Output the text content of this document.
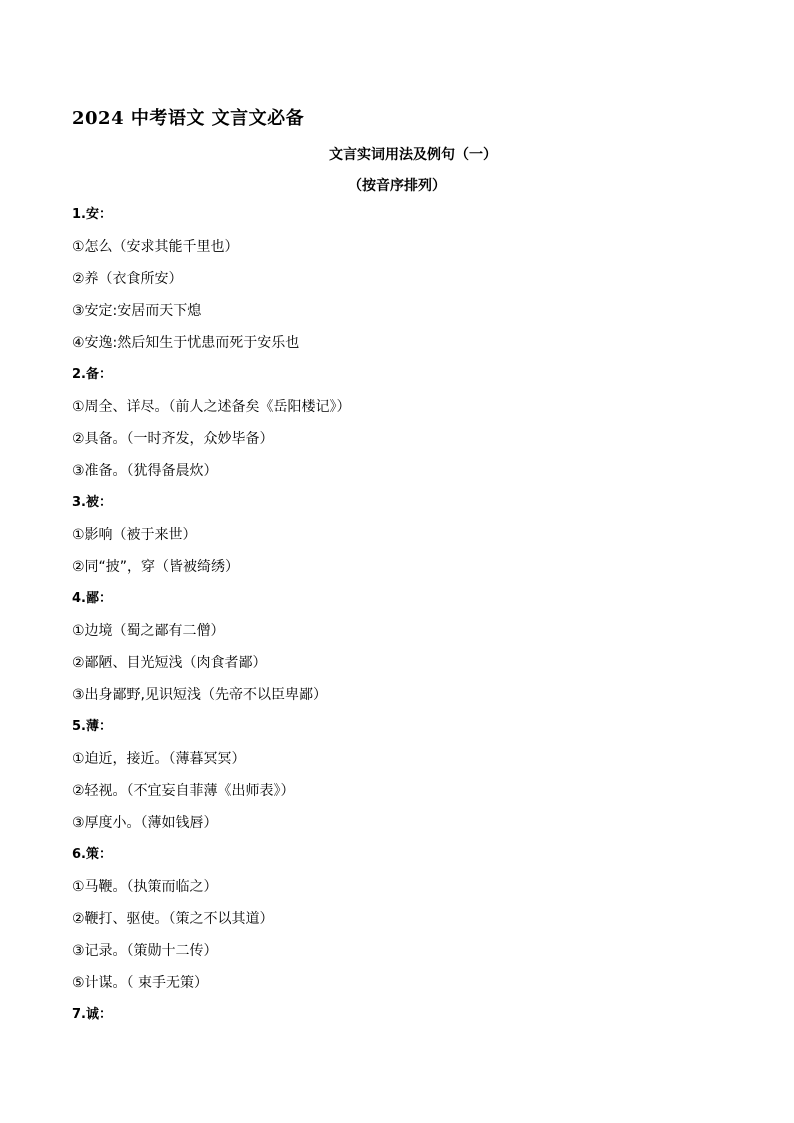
2024 中考语文 文言文必备
文言实词用法及例句（一）
（按音序排列）
1.安：
①怎么（安求其能千里也）
②养（衣食所安）
③安定:安居而天下熄
④安逸:然后知生于忧患而死于安乐也
2.备：
①周全、详尽。（前人之述备矣《岳阳楼记》）
②具备。（一时齐发，众妙毕备）
③准备。（犹得备晨炊）
3.被：
①影响（被于来世）
②同“披”，穿（皆被绮绣）
4.鄙：
①边境（蜀之鄙有二僧）
②鄙陋、目光短浅（肉食者鄙）
③出身鄙野,见识短浅（先帝不以臣卑鄙）
5.薄：
①迫近，接近。（薄暮冥冥）
②轻视。（不宜妄自菲薄《出师表》）
③厚度小。（薄如钱唇）
6.策：
①马鞭。（执策而临之）
②鞭打、驱使。（策之不以其道）
③记录。（策勋十二传）
⑤计谋。（ 束手无策）
7.诚：
